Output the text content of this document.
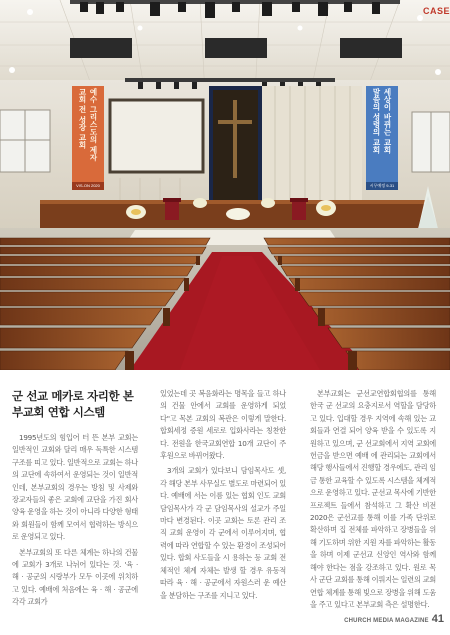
교회 전 성장 교회 예수 그리스도의 제자
VIS-ON 2020
말씀의 성령의 교회 세상이 바뀌는 교회
시무예정 9-31
CASE
군 선교 메카로 자리한 본부교회 연합 시스템

1995년도의 힘입어 터 뜬 본부 교회는 일반적인 교회와 달리 매우 독특한 시스템 구조를 띠고 있다. 일반적으로 교회는 하나의 교단에 속하여서 운영되는 것이 일반적인데, 본부교회의 경우는 방침 및 사제와 장교자들의 좋은 교회에 교단을 가진 회사 양육 운영을 하는 것이 아니라 다양한 형태와 회원들이 함께 모여서 협력하는 방식으로 운영되고 있다.

본부교회의 또 다른 체계는 하나의 건물에 교회가 3개로 나뉘어 있다는 것. '육 · 해 · 공군의 시랑부가 모두 이곳에 위치하고 있다. 예배에 처음에는 육 · 해 · 공군에 각각 교회가

있었는데 곳 복음화라는 명목을 들고 하나의 건물 안에서 교회를 운영하게 되었다"고 목본 교회의 복관은 이렇게 말한다. 합회세정 증원 세로로 입화사라는 칭찬한다. 전원을 한국교회연합 10개 교단이 주 후원으로 바뀌어왔다.

3개의 교회가 있다보니 담임목사도 셋, 각 해당 본부 사무실도 별도로 마련되어 있다. 예배에 서는 이름 있는 협회 인도 교회 담임목사가 각 군 담임목사의 설교가 주일마다 변경된다. 이곳 교회는 토론 관리 조직 교회 운영이 각 군에서 이루어지며, 협력에 따라 연합할 수 있는 환경이 조성되어 있다. 합회 사도들을 시 용하는 등 교회 전체적인 체계 자체는 발생 할 경우 유동적 따라 육 · 해 · 공군에서 자원스러 운 예산을 분담하는 구조를 지니고 있다.

본부교회는 군선교연합회협의를 통해 한국 군 선교의 요충지로서 역할을 담당하고 있다. 입대할 경우 지역에 속해 있는 교회들과 연결 되어 양육 받을 수 있도록 지원하고 있으며, 군 선교회에서 지역 교회에 헌금을 받으면 예배 에 관리되는 교회에서 해당 행사들에서 진행할 경우에도, 관리 임금 통한 교육할 수 있도록 시스템을 체계적으로 운영하고 있다. 군선교 목사에 기반한 프로젝트 들에서 참석하고 그 확산 비전 2020은 군선교를 통해 이를 가족 단위로 확산하며 집 전체를 파악하고 장병들을 위해 기도하며 위한 지원 자를 파악하는 활동을 하며 이제 군선교 신앙인 역사와 함께 해야 한다는 점을 강조하고 있다. 원로 목사 군단 교회를 통해 이뤄지는 일련의 교회 연합 체계를 통해 빛으로 장병을 위해 도움을 주고 있다고 본부교회 측은 설명한다.

CHURCH MEDIA MAGAZINE 41
